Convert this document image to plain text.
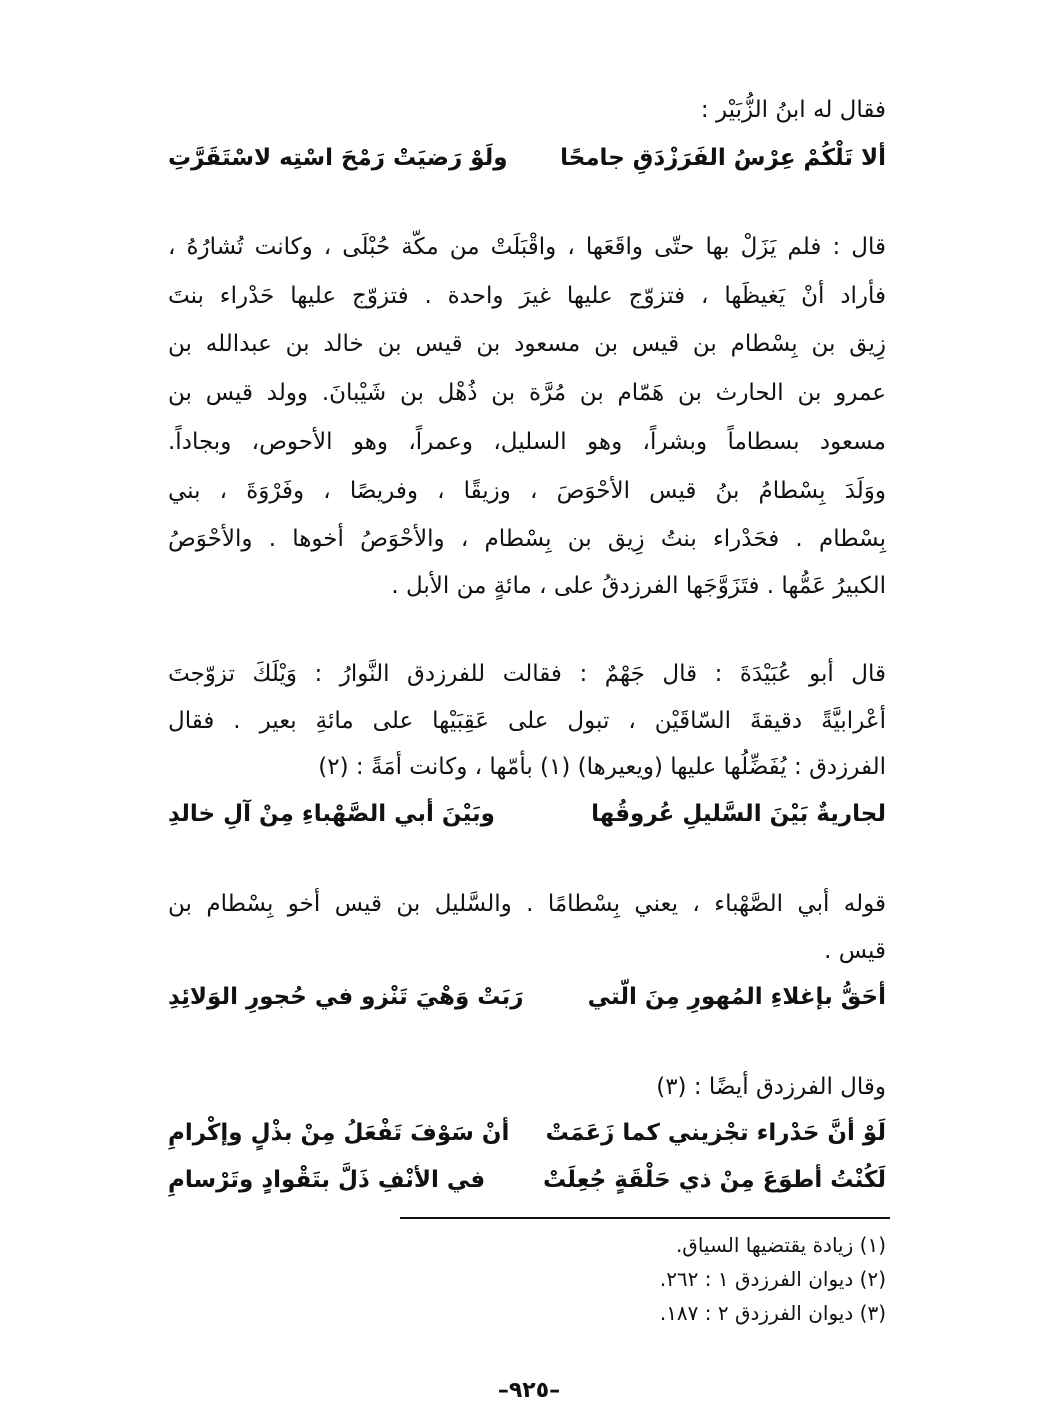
فقال له ابنُ الزُّبَيْر :
ألا تَلْكُمْ عِرْسُ الفَرَزْدَقِ جامحًا
ولَوْ رَضيَتْ رَمْحَ اسْتِه لاسْتَقَرَّتِ
قال : فلم يَزَلْ بها حتّى واقَعَها ، واقْبَلَتْ من مكّة حُبْلَى ، وكانت تُشارُهُ ،
فأراد أنْ يَغيظَها ، فتزوّج عليها غيرَ واحدة . فتزوّج عليها حَدْراء بنتَ
زِيق بن بِسْطام بن قيس بن مسعود بن قيس بن خالد بن عبدالله بن
عمرو بن الحارث بن هَمّام بن مُرَّة بن ذُهْل بن شَيْبانَ. وولد قيس بن
مسعود بسطاماً وبشراً، وهو السليل، وعمراً، وهو الأحوص، وبجاداً.
ووَلَدَ بِسْطامُ بنُ قيس الأحْوَصَ ، وزيقًا ، وفريصًا ، وفَرْوَةَ ، بني
بِسْطام . فحَدْراء بنتُ زِيق بن بِسْطام ، والأحْوَصُ أخوها . والأحْوَصُ
الكبيرُ عَمُّها . فتَزَوَّجَها الفرزدقُ على ، مائةٍ من الأبل .
قال أبو عُبَيْدَةَ : قال جَهْمٌ : فقالت للفرزدق النَّوارُ : وَيْلَكَ تزوّجتَ
أعْرابيَّةً دقيقةَ السّاقَيْن ، تبول على عَقِبَيْها على مائةِ بعير . فقال
الفرزدق : يُفَضِّلُها عليها (ويعيرها) (١) بأمّها ، وكانت أمَةً : (٢)
لجاريةٌ بَيْنَ السَّليلِ عُروقُها
وبَيْنَ أبي الصَّهْباءِ مِنْ آلِ خالدِ
قوله أبي الصَّهْباء ، يعني بِسْطامًا . والسَّليل بن قيس أخو بِسْطام بن
قيس .
أحَقُّ بإغلاءِ المُهورِ مِنَ الّتي
رَبَتْ وَهْيَ تَنْزو في حُجورِ الوَلائِدِ
وقال الفرزدق أيضًا : (٣)
لَوْ أنَّ حَدْراء تجْزيني كما زَعَمَتْ
أنْ سَوْفَ تَفْعَلُ مِنْ بذْلٍ وإكْرامِ
لَكُنْتُ أطوَعَ مِنْ ذي حَلْقَةٍ جُعِلَتْ
في الأنْفِ ذَلَّ بتَقْوادٍ وتَرْسامِ
(١) زيادة يقتضيها السياق.
(٢) ديوان الفرزدق ١ : ٢٦٢.
(٣) ديوان الفرزدق ٢ : ١٨٧.
–٩٢٥–
